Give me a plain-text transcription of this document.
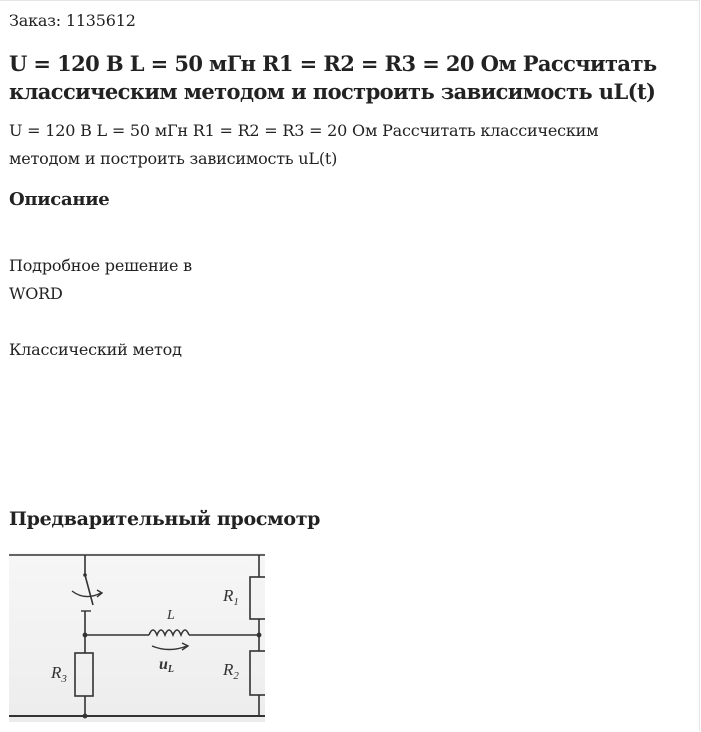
Заказ: 1135612
U = 120 В L = 50 мГн R1 = R2 = R3 = 20 Ом Рассчитать классическим методом и построить зависимость uL(t)
U = 120 В L = 50 мГн R1 = R2 = R3 = 20 Ом Рассчитать классическим методом и построить зависимость uL(t)
Описание
Подробное решение в WORD
Классический метод
Предварительный просмотр
$R_1$
$R_2$
$R_3$
L
uL
